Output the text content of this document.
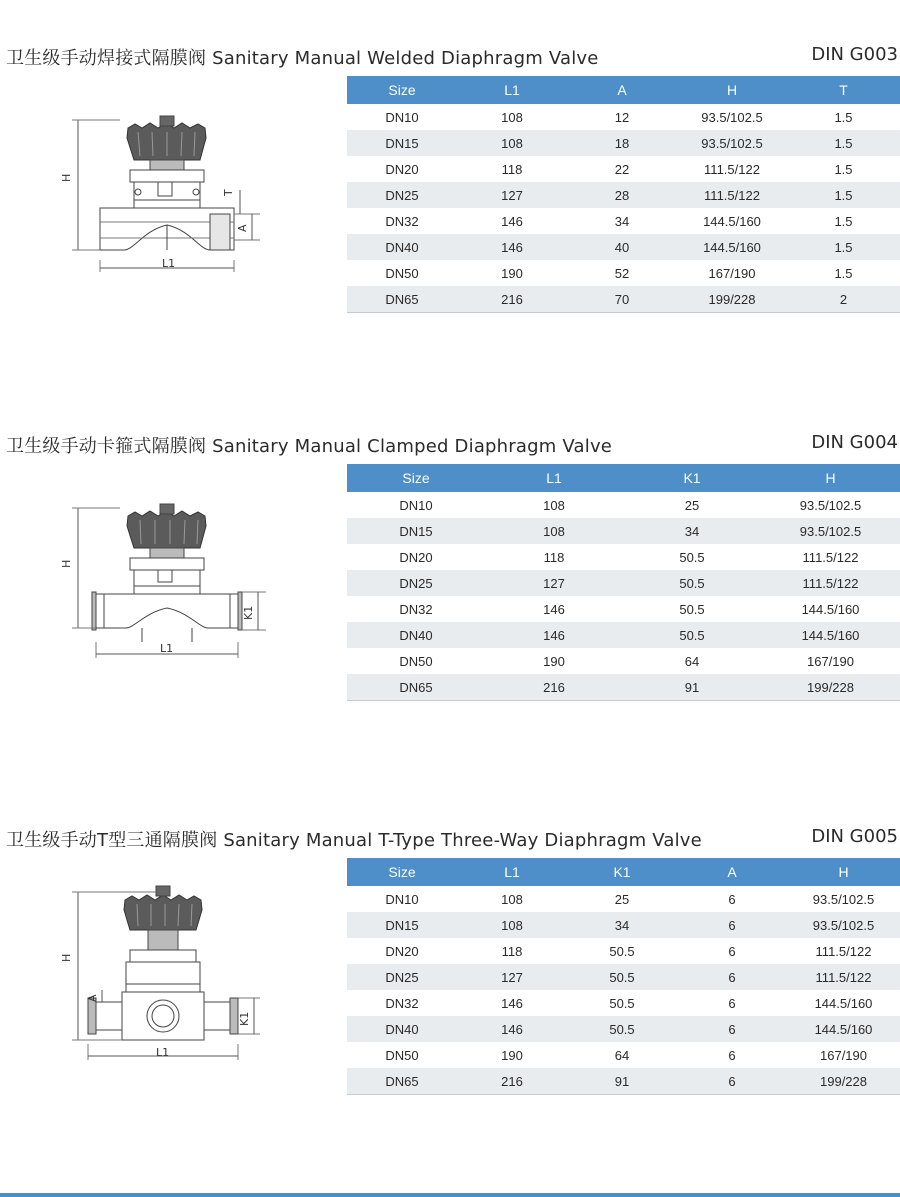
卫生级手动焊接式隔膜阀 Sanitary Manual Welded Diaphragm Valve	DIN G003
H
L1
T
A
Size	L1	A	H	T
DN10	108	12	93.5/102.5	1.5
DN15	108	18	93.5/102.5	1.5
DN20	118	22	111.5/122	1.5
DN25	127	28	111.5/122	1.5
DN32	146	34	144.5/160	1.5
DN40	146	40	144.5/160	1.5
DN50	190	52	167/190	1.5
DN65	216	70	199/228	2
卫生级手动卡箍式隔膜阀 Sanitary Manual Clamped Diaphragm Valve	DIN G004
H
L1
K1
Size	L1	K1	H
DN10	108	25	93.5/102.5
DN15	108	34	93.5/102.5
DN20	118	50.5	111.5/122
DN25	127	50.5	111.5/122
DN32	146	50.5	144.5/160
DN40	146	50.5	144.5/160
DN50	190	64	167/190
DN65	216	91	199/228
卫生级手动T型三通隔膜阀 Sanitary Manual T-Type Three-Way Diaphragm Valve	DIN G005
H
A
L1
K1
Size	L1	K1	A	H
DN10	108	25	6	93.5/102.5
DN15	108	34	6	93.5/102.5
DN20	118	50.5	6	111.5/122
DN25	127	50.5	6	111.5/122
DN32	146	50.5	6	144.5/160
DN40	146	50.5	6	144.5/160
DN50	190	64	6	167/190
DN65	216	91	6	199/228
